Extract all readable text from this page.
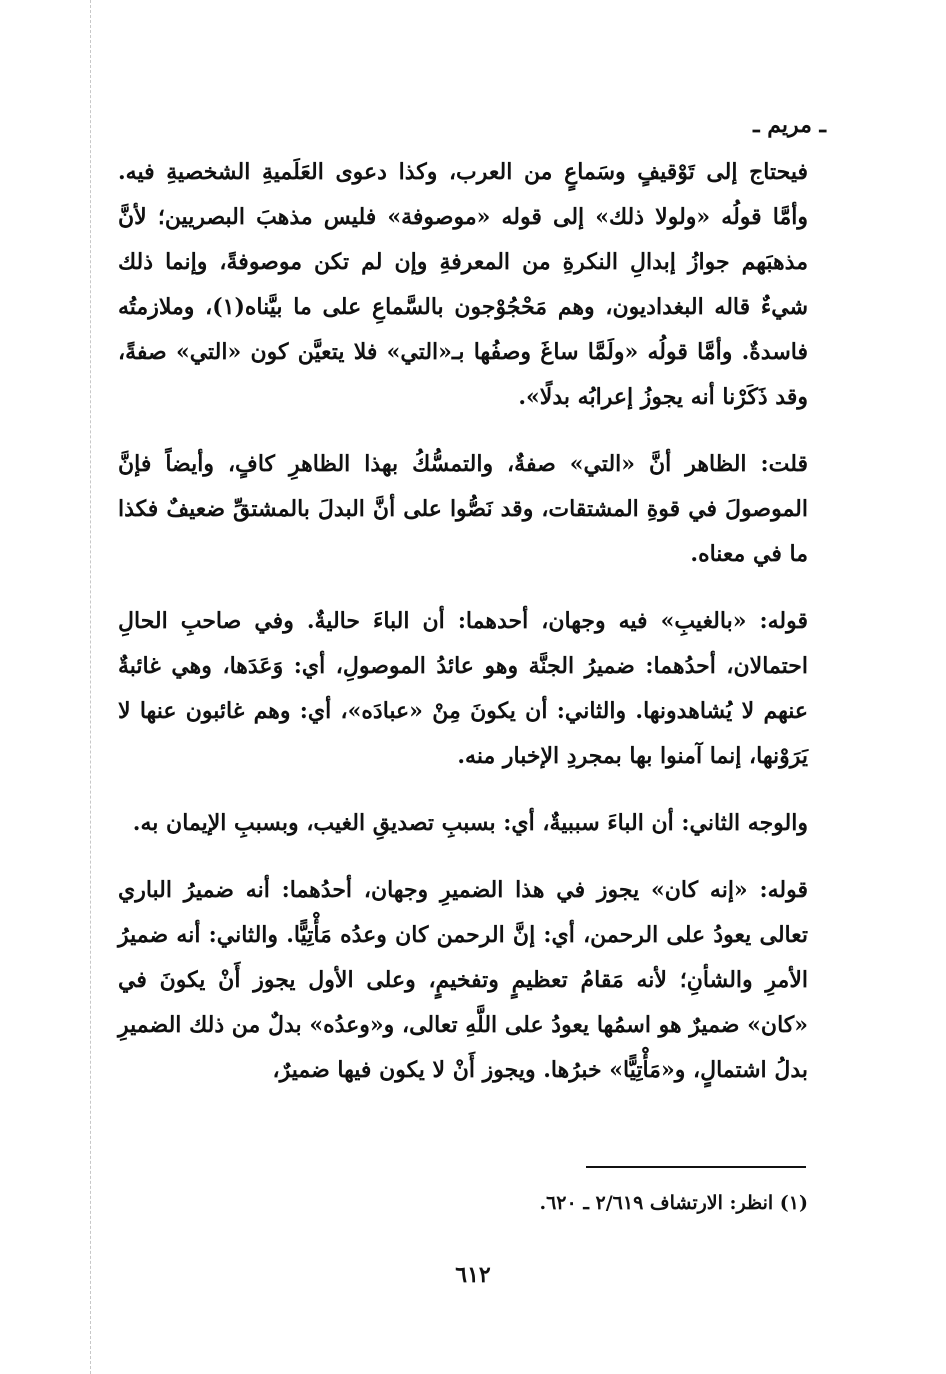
ـ مريم ـ

فيحتاج إلى تَوْقيفٍ وسَماعٍ من العرب، وكذا دعوى العَلَميةِ الشخصيةِ فيه. وأمَّا قولُه «ولولا ذلك» إلى قوله «موصوفة» فليس مذهبَ البصريين؛ لأنَّ مذهبَهم جوازُ إبدالِ النكرةِ من المعرفةِ وإن لم تكن موصوفةً، وإنما ذلك شيءٌ قاله البغداديون، وهم مَحْجُوْجون بالسَّماعِ على ما بيَّناه(١)، وملازمتُه فاسدةٌ. وأمَّا قولُه «ولَمَّا ساغَ وصفُها بـ«التي» فلا يتعيَّن كون «التي» صفةً، وقد ذَكَرْنا أنه يجوزُ إعرابُه بدلًا».

قلت: الظاهر أنَّ «التي» صفةٌ، والتمسُّكُ بهذا الظاهرِ كافٍ، وأيضاً فإنَّ الموصولَ في قوةِ المشتقات، وقد نَصُّوا على أنَّ البدلَ بالمشتقِّ ضعيفٌ فكذا ما في معناه.

قوله: «بالغيبِ» فيه وجهان، أحدهما: أن الباءَ حاليةٌ. وفي صاحبِ الحالِ احتمالان، أحدُهما: ضميرُ الجنَّة وهو عائدُ الموصولِ، أي: وَعَدَها، وهي غائبةٌ عنهم لا يُشاهدونها. والثاني: أن يكونَ مِنْ «عبادَه»، أي: وهم غائبون عنها لا يَرَوْنها، إنما آمنوا بها بمجردِ الإخبار منه.

والوجه الثاني: أن الباءَ سببيةٌ، أي: بسببِ تصديقِ الغيب، وبسببِ الإيمان به.

قوله: «إنه كان» يجوز في هذا الضميرِ وجهان، أحدُهما: أنه ضميرُ الباري تعالى يعودُ على الرحمن، أي: إنَّ الرحمن كان وعدُه مَأْتِيًّا. والثاني: أنه ضميرُ الأمرِ والشأنِ؛ لأنه مَقامُ تعظيمٍ وتفخيمٍ، وعلى الأول يجوز أَنْ يكونَ في «كان» ضميرٌ هو اسمُها يعودُ على اللَّهِ تعالى، و«وعدُه» بدلٌ من ذلك الضميرِ بدلُ اشتمالٍ، و«مَأْتِيًّا» خبرُها. ويجوز أَنْ لا يكون فيها ضميرٌ،

(١) انظر: الارتشاف ٢/٦١٩ ـ ٦٢٠.
٦١٢
